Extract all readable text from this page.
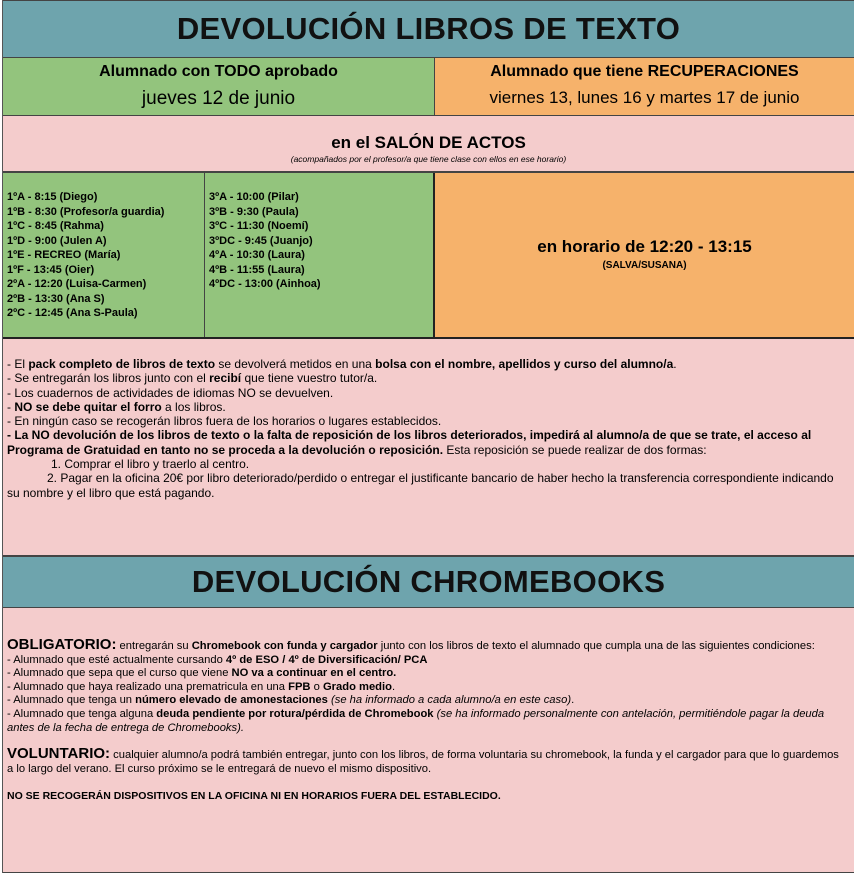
DEVOLUCIÓN LIBROS DE TEXTO
Alumnado con TODO aprobado
jueves 12 de junio
Alumnado que tiene RECUPERACIONES
viernes 13, lunes 16 y martes 17 de junio
en el SALÓN DE ACTOS
(acompañados por el profesor/a que tiene clase con ellos en ese horario)
1ºA - 8:15 (Diego)
1ºB - 8:30 (Profesor/a guardia)
1ºC - 8:45 (Rahma)
1ºD - 9:00 (Julen A)
1ºE - RECREO (María)
1ºF - 13:45 (Oier)
2ºA - 12:20 (Luisa-Carmen)
2ºB - 13:30 (Ana S)
2ºC - 12:45 (Ana S-Paula)
3ºA - 10:00 (Pilar)
3ºB - 9:30 (Paula)
3ºC - 11:30 (Noemí)
3ºDC - 9:45 (Juanjo)
4ºA - 10:30 (Laura)
4ºB - 11:55 (Laura)
4ºDC - 13:00 (Ainhoa)
en horario de 12:20 - 13:15
(SALVA/SUSANA)

- El pack completo de libros de texto se devolverá metidos en una bolsa con el nombre, apellidos y curso del alumno/a.

- Se entregarán los libros junto con el recibí que tiene vuestro tutor/a.

- Los cuadernos de actividades de idiomas NO se devuelven.

- NO se debe quitar el forro a los libros.

- En ningún caso se recogerán libros fuera de los horarios o lugares establecidos.

- La NO devolución de los libros de texto o la falta de reposición de los libros deteriorados, impedirá al alumno/a de que se trate, el acceso al Programa de Gratuidad en tanto no se proceda a la devolución o reposición. Esta reposición se puede realizar de dos formas:

1. Comprar el libro y traerlo al centro.

2. Pagar en la oficina 20€ por libro deteriorado/perdido o entregar el justificante bancario de haber hecho la transferencia correspondiente indicando su nombre y el libro que está pagando.

DEVOLUCIÓN CHROMEBOOKS

OBLIGATORIO: entregarán su Chromebook con funda y cargador junto con los libros de texto el alumnado que cumpla una de las siguientes condiciones:

- Alumnado que esté actualmente cursando 4º de ESO / 4º de Diversificación/ PCA

- Alumnado que sepa que el curso que viene NO va a continuar en el centro.

- Alumnado que haya realizado una prematricula en una FPB o Grado medio.

- Alumnado que tenga un número elevado de amonestaciones (se ha informado a cada alumno/a en este caso).

- Alumnado que tenga alguna deuda pendiente por rotura/pérdida de Chromebook (se ha informado personalmente con antelación, permitiéndole pagar la deuda antes de la fecha de entrega de Chromebooks).

VOLUNTARIO: cualquier alumno/a podrá también entregar, junto con los libros, de forma voluntaria su chromebook, la funda y el cargador para que lo guardemos a lo largo del verano. El curso próximo se le entregará de nuevo el mismo dispositivo.

NO SE RECOGERÁN DISPOSITIVOS EN LA OFICINA NI EN HORARIOS FUERA DEL ESTABLECIDO.
